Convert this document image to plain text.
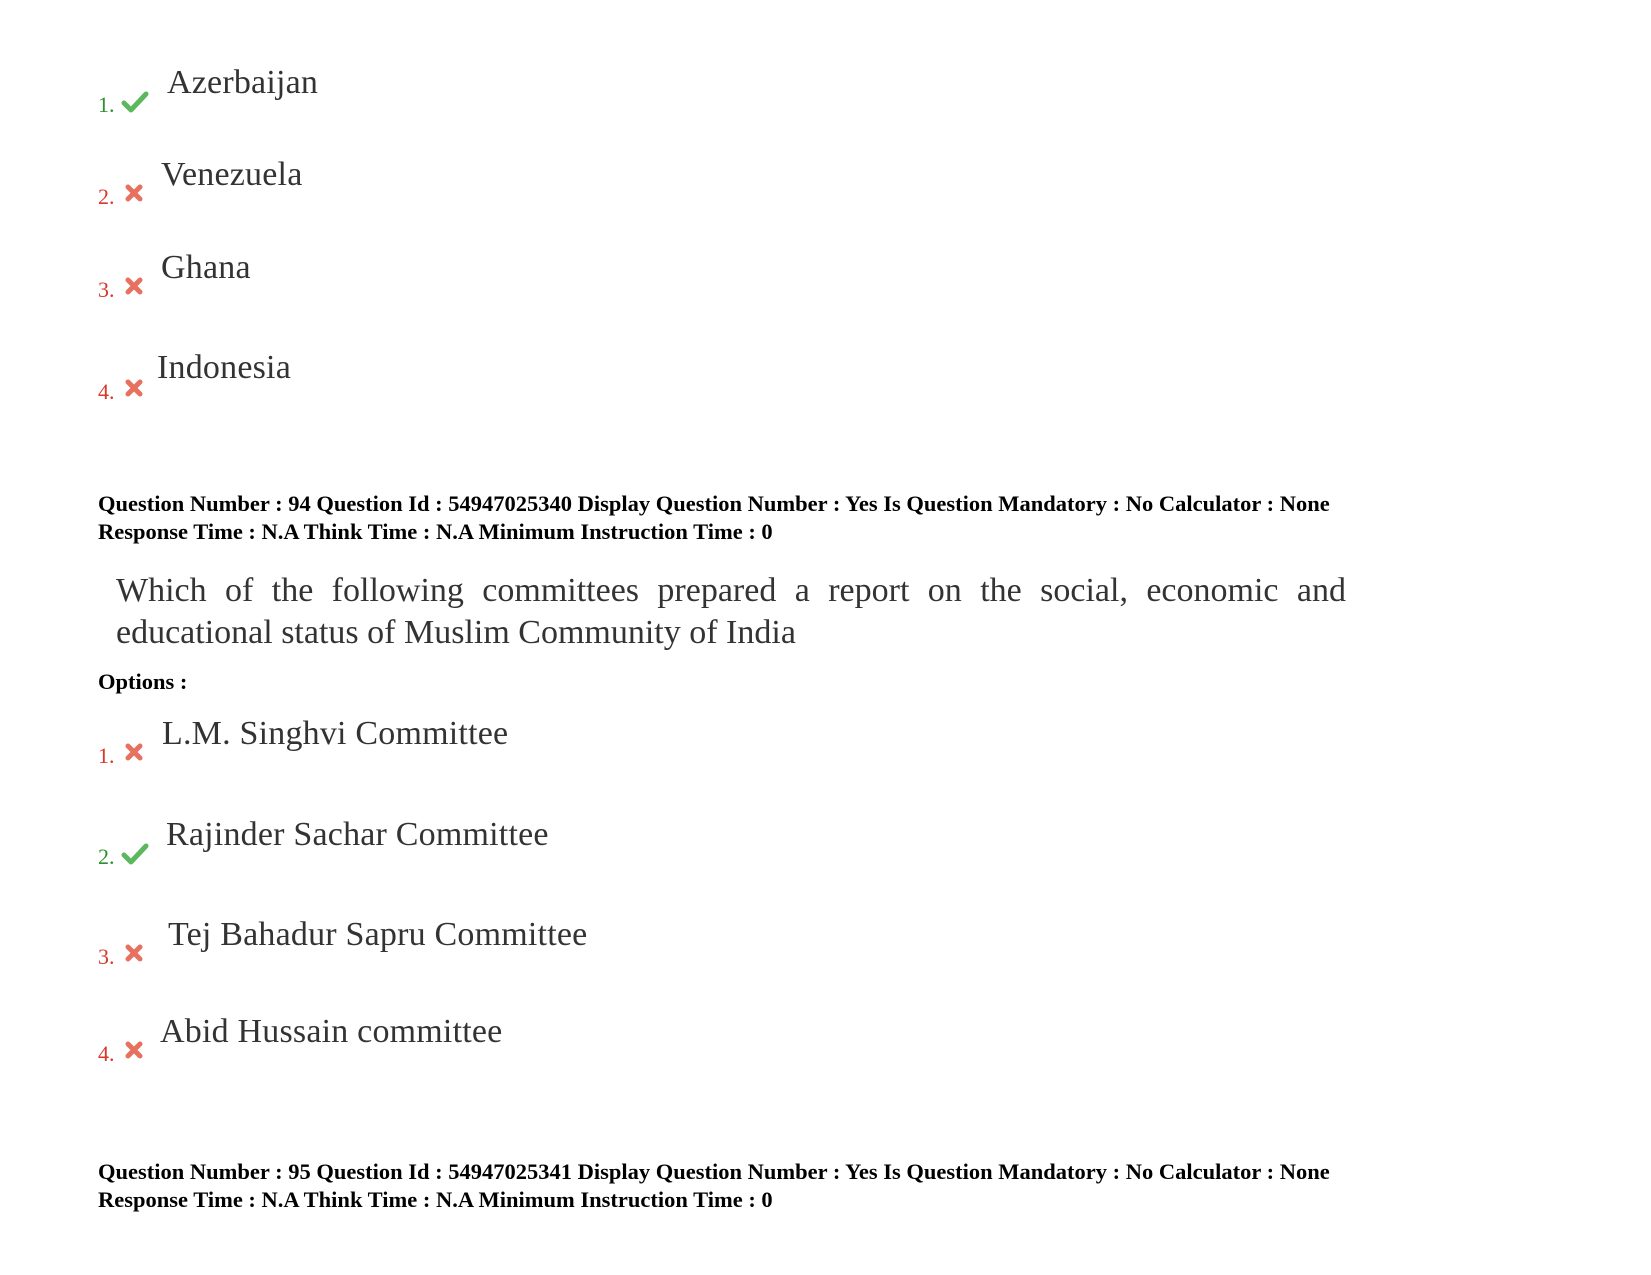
1.
Azerbaijan
2.
Venezuela
3.
Ghana
4.
Indonesia
Question Number : 94 Question Id : 54947025340 Display Question Number : Yes Is Question Mandatory : No Calculator : None
Response Time : N.A Think Time : N.A Minimum Instruction Time : 0
Which of the following committees prepared a report on the social, economic and
educational status of Muslim Community of India
Options :
1.
L.M. Singhvi Committee
2.
Rajinder Sachar Committee
3.
Tej Bahadur Sapru Committee
4.
Abid Hussain committee
Question Number : 95 Question Id : 54947025341 Display Question Number : Yes Is Question Mandatory : No Calculator : None
Response Time : N.A Think Time : N.A Minimum Instruction Time : 0
